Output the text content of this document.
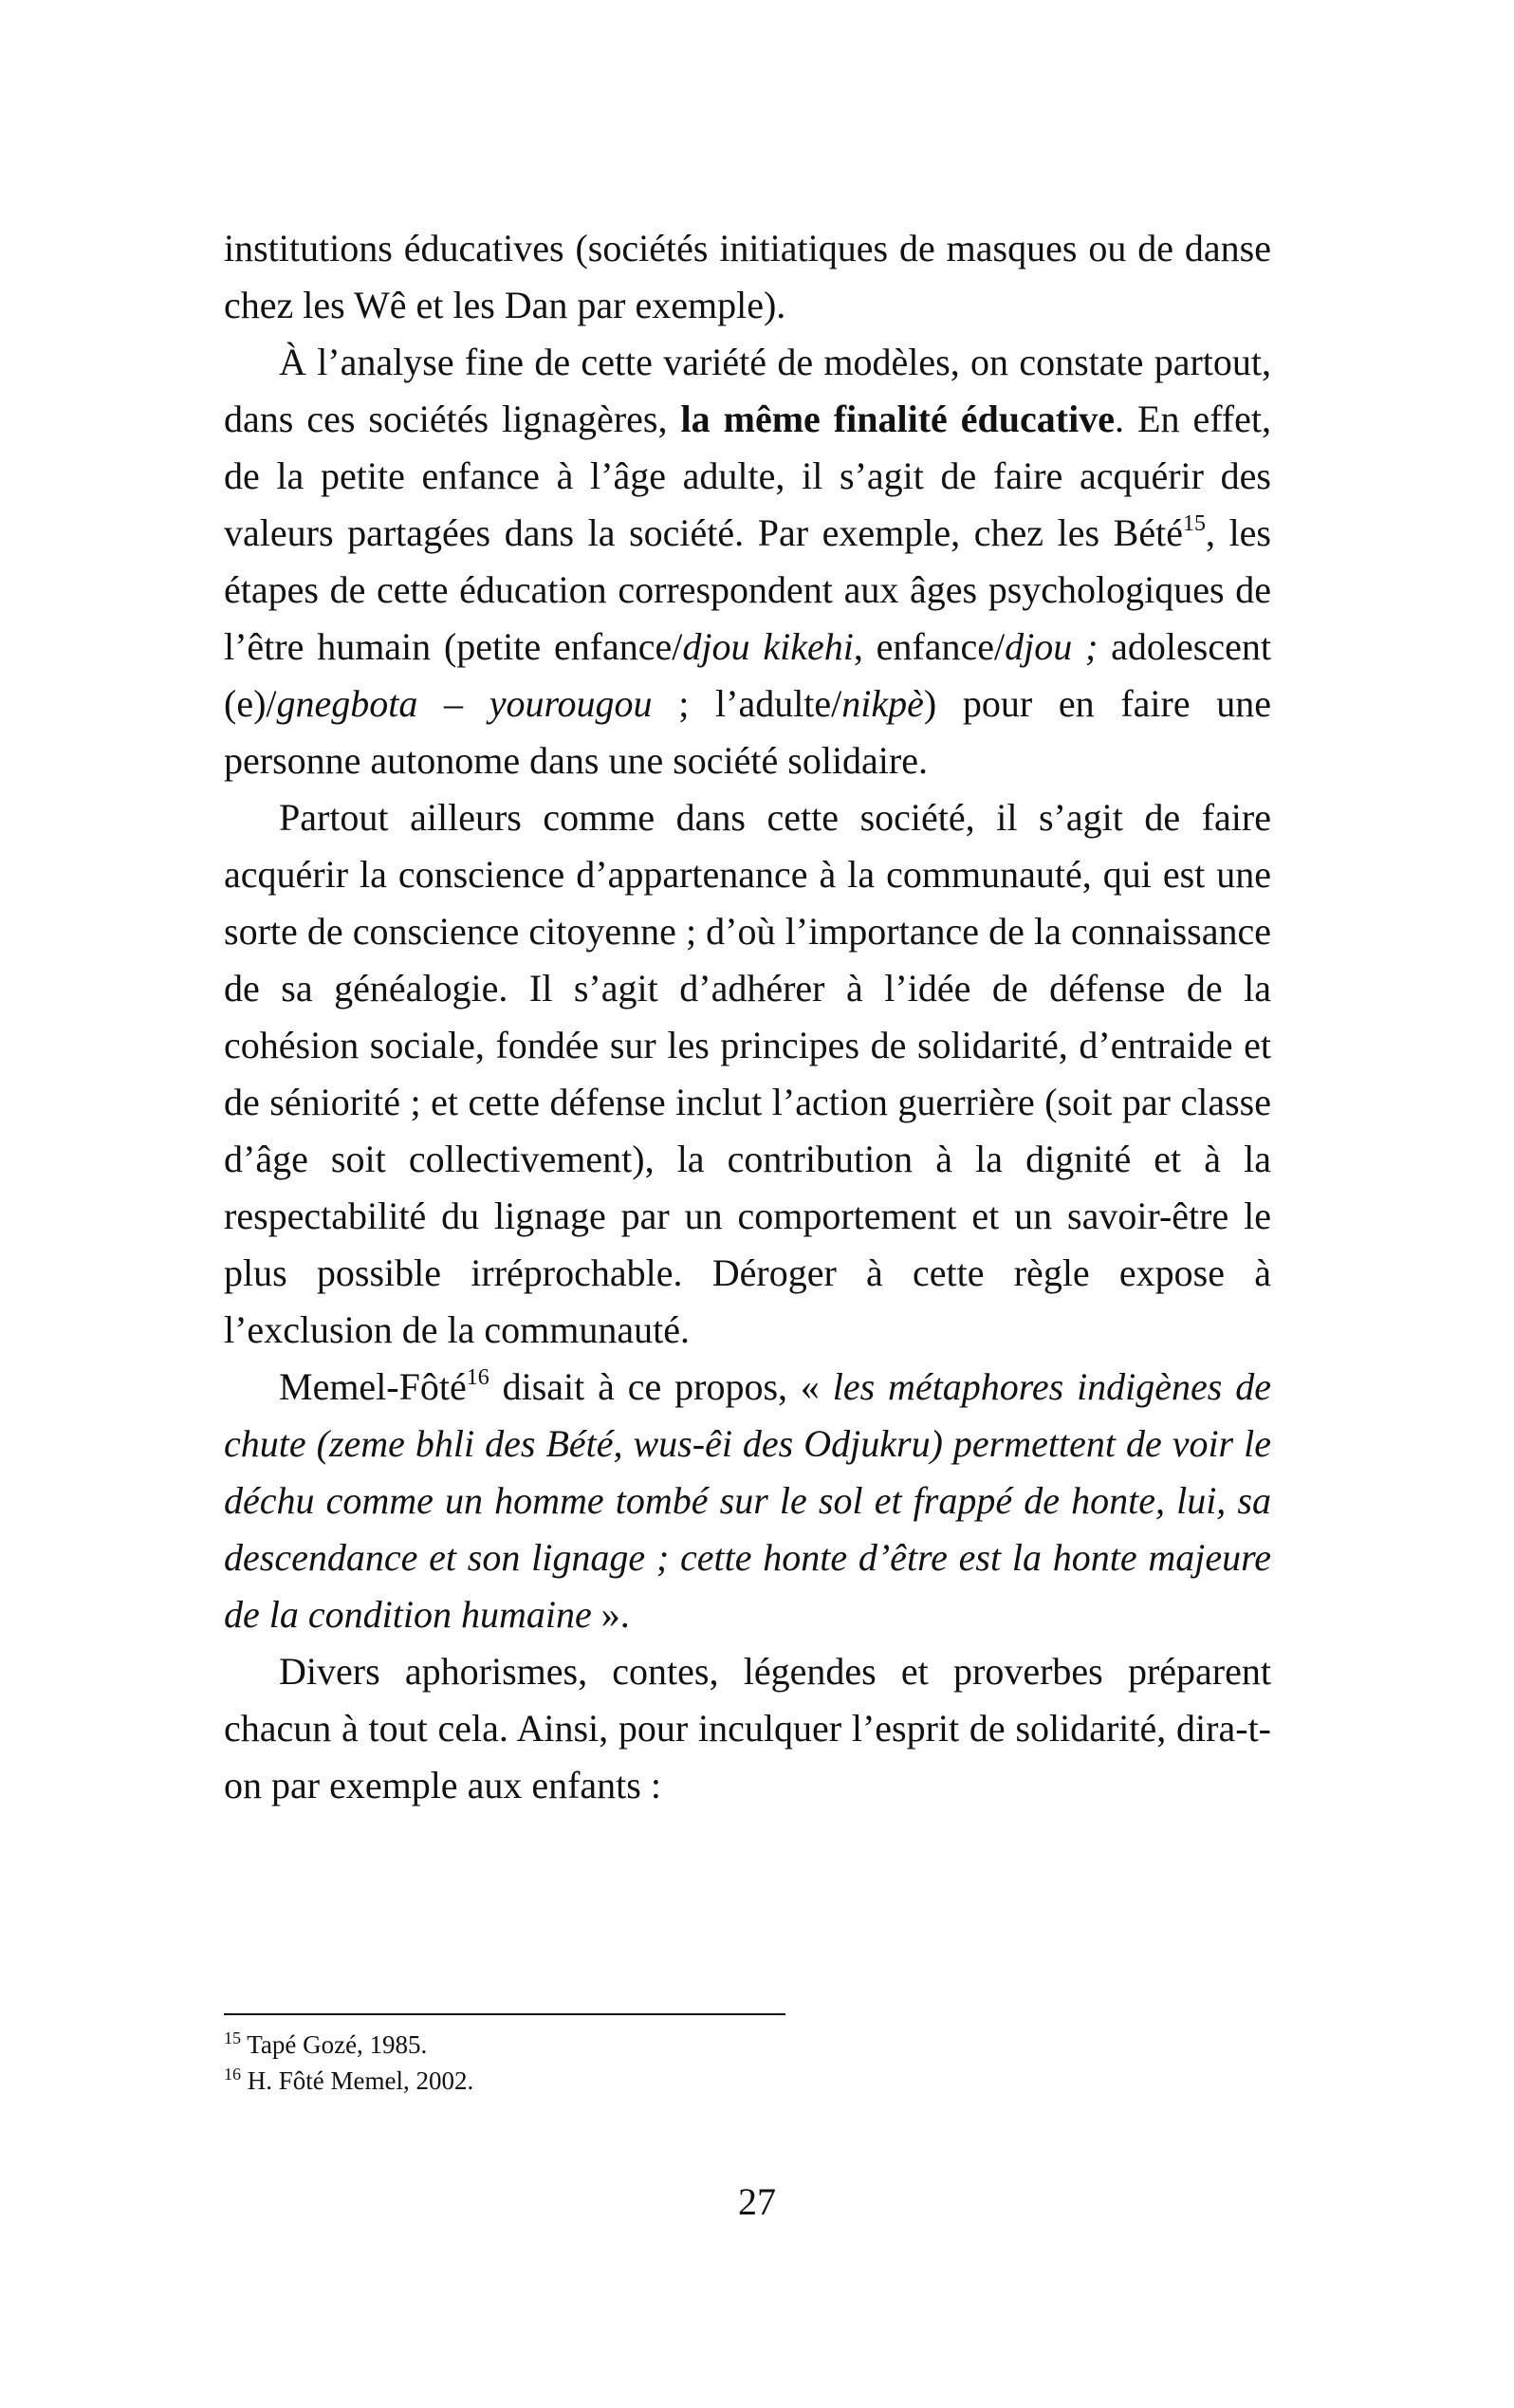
institutions éducatives (sociétés initiatiques de masques ou de danse chez les Wê et les Dan par exemple).

À l’analyse fine de cette variété de modèles, on constate partout, dans ces sociétés lignagères, la même finalité éducative. En effet, de la petite enfance à l’âge adulte, il s’agit de faire acquérir des valeurs partagées dans la société. Par exemple, chez les Bété$^{15}$, les étapes de cette éducation correspondent aux âges psychologiques de l’être humain (petite enfance/djou kikehi, enfance/djou ; adolescent (e)/gnegbota – yourougou ; l’adulte/nikpè) pour en faire une personne autonome dans une société solidaire.

Partout ailleurs comme dans cette société, il s’agit de faire acquérir la conscience d’appartenance à la communauté, qui est une sorte de conscience citoyenne ; d’où l’importance de la connaissance de sa généalogie. Il s’agit d’adhérer à l’idée de défense de la cohésion sociale, fondée sur les principes de solidarité, d’entraide et de séniorité ; et cette défense inclut l’action guerrière (soit par classe d’âge soit collectivement), la contribution à la dignité et à la respectabilité du lignage par un comportement et un savoir-être le plus possible irréprochable. Déroger à cette règle expose à l’exclusion de la communauté.

Memel-Fôté$^{16}$ disait à ce propos, « les métaphores indigènes de chute (zeme bhli des Bété, wus-êi des Odjukru) permettent de voir le déchu comme un homme tombé sur le sol et frappé de honte, lui, sa descendance et son lignage ; cette honte d’être est la honte majeure de la condition humaine ».

Divers aphorismes, contes, légendes et proverbes préparent chacun à tout cela. Ainsi, pour inculquer l’esprit de solidarité, dira-t-on par exemple aux enfants :

$^{15}$ Tapé Gozé, 1985.

$^{16}$ H. Fôté Memel, 2002.

27
